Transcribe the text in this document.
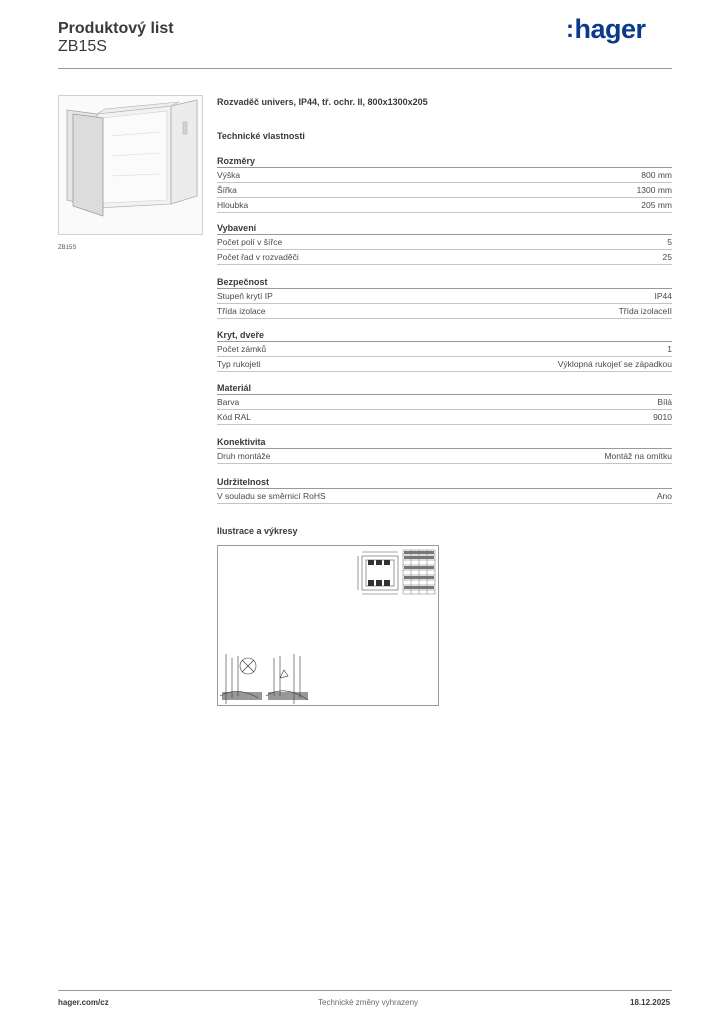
Produktový list
ZB15S
:hager
ZB15S
Rozvaděč univers, IP44, tř. ochr. II, 800x1300x205
Technické vlastnosti
Rozměry
Výška	800 mm
Šířka	1300 mm
Hloubka	205 mm
Vybavení
Počet polí v šířce	5
Počet řad v rozvaděči	25
Bezpečnost
Stupeň krytí IP	IP44
Třída izolace	Třída izolaceII
Kryt, dveře
Počet zámků	1
Typ rukojeti	Výklopná rukojeť se západkou
Materiál
Barva	Bílá
Kód RAL	9010
Konektivita
Druh montáže	Montáž na omítku
Udržitelnost
V souladu se směrnicí RoHS	Ano
Ilustrace a výkresy
hager.com/cz	Technické změny vyhrazeny	18.12.2025
